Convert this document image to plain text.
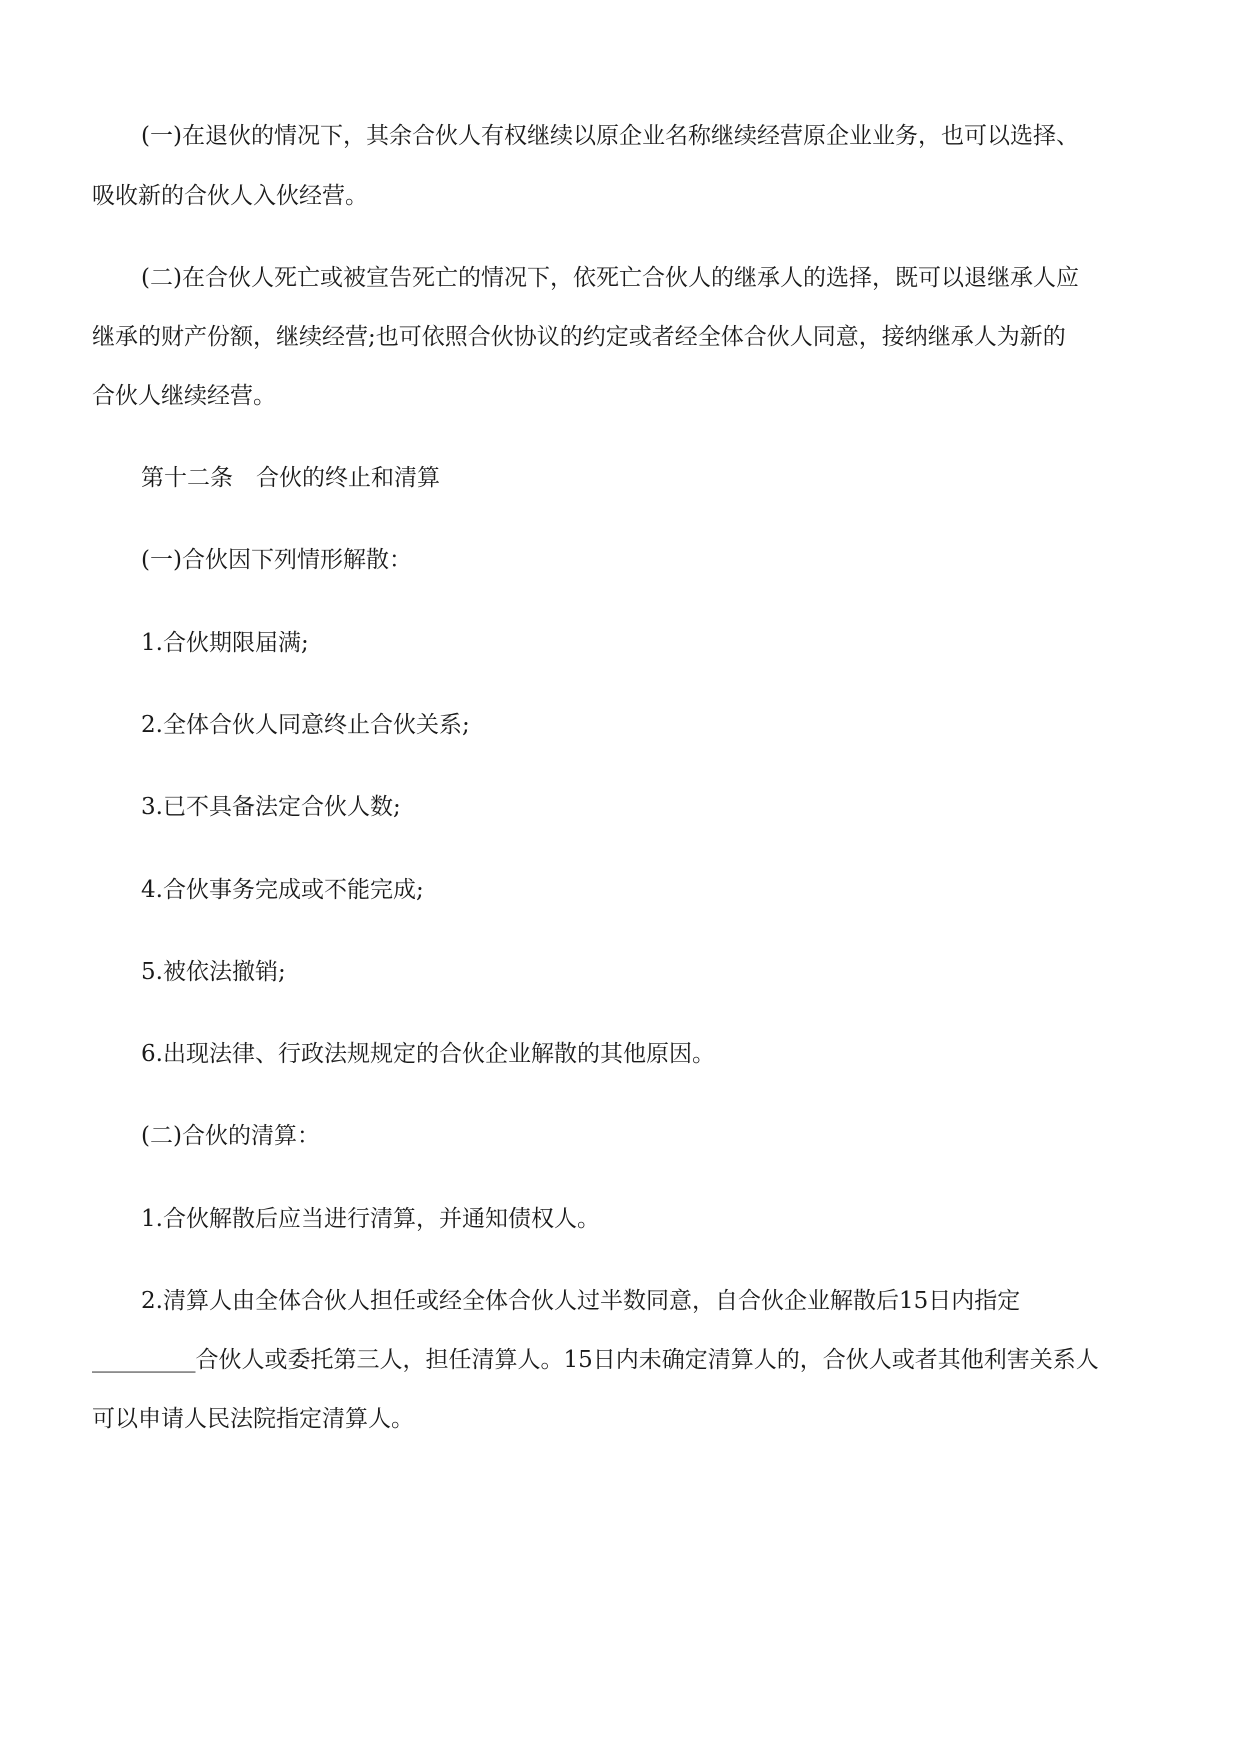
(一)在退伙的情况下，其余合伙人有权继续以原企业名称继续经营原企业业务，也可以选择、

吸收新的合伙人入伙经营。

(二)在合伙人死亡或被宣告死亡的情况下，依死亡合伙人的继承人的选择，既可以退继承人应

继承的财产份额，继续经营;也可依照合伙协议的约定或者经全体合伙人同意，接纳继承人为新的

合伙人继续经营。

第十二条　合伙的终止和清算

(一)合伙因下列情形解散：

1.合伙期限届满;

2.全体合伙人同意终止合伙关系;

3.已不具备法定合伙人数;

4.合伙事务完成或不能完成;

5.被依法撤销;

6.出现法律、行政法规规定的合伙企业解散的其他原因。

(二)合伙的清算：

1.合伙解散后应当进行清算，并通知债权人。

2.清算人由全体合伙人担任或经全体合伙人过半数同意，自合伙企业解散后15日内指定

_________合伙人或委托第三人，担任清算人。15日内未确定清算人的，合伙人或者其他利害关系人

可以申请人民法院指定清算人。
